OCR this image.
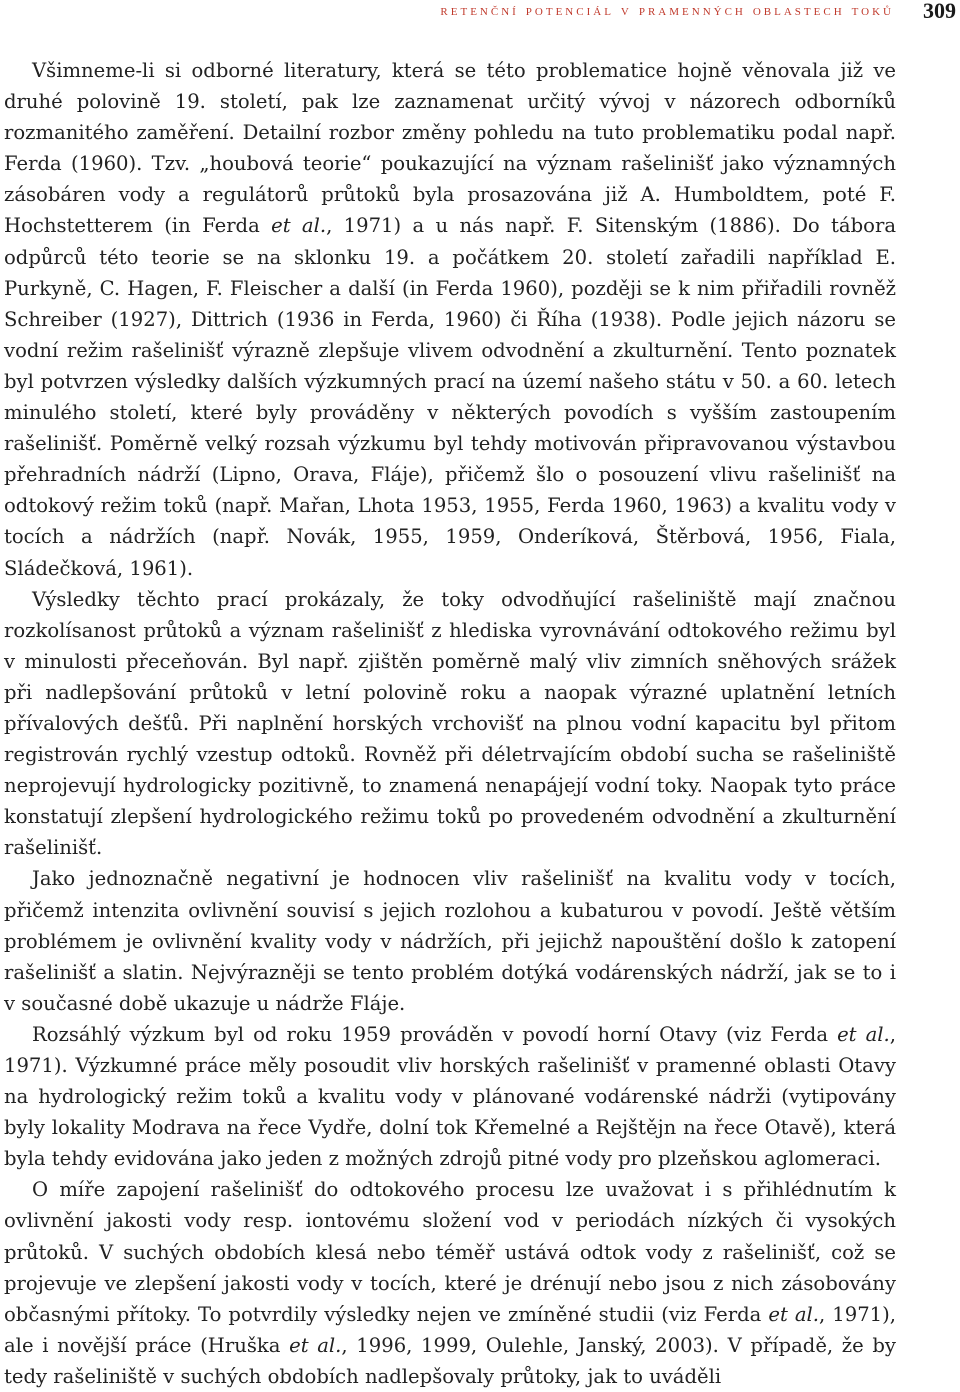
retenční potenciál v pramenných oblastech toků 309

Všimneme-li si odborné literatury, která se této problematice hojně věnovala již ve druhé polovině 19. století, pak lze zaznamenat určitý vývoj v názorech odborníků rozmanitého zaměření. Detailní rozbor změny pohledu na tuto problematiku podal např. Ferda (1960). Tzv. „houbová teorie“ poukazující na význam rašelinišť jako významných zásobáren vody a regulátorů průtoků byla prosazována již A. Humboldtem, poté F. Hochstetterem (in Ferda et al., 1971) a u nás např. F. Sitenským (1886). Do tábora odpůrců této teorie se na sklonku 19. a počátkem 20. století zařadili například E. Purkyně, C. Hagen, F. Fleischer a další (in Ferda 1960), později se k nim přiřadili rovněž Schreiber (1927), Dittrich (1936 in Ferda, 1960) či Říha (1938). Podle jejich názoru se vodní režim rašelinišť výrazně zlepšuje vlivem odvodnění a zkulturnění. Tento poznatek byl potvrzen výsledky dalších výzkumných prací na území našeho státu v 50. a 60. letech minulého století, které byly prováděny v některých povodích s vyšším zastoupením rašelinišť. Poměrně velký rozsah výzkumu byl tehdy motivován připravovanou výstavbou přehradních nádrží (Lipno, Orava, Fláje), přičemž šlo o posouzení vlivu rašelinišť na odtokový režim toků (např. Mařan, Lhota 1953, 1955, Ferda 1960, 1963) a kvalitu vody v tocích a nádržích (např. Novák, 1955, 1959, Onderíková, Štěrbová, 1956, Fiala, Sládečková, 1961).

Výsledky těchto prací prokázaly, že toky odvodňující rašeliniště mají značnou rozkolísanost průtoků a význam rašelinišť z hlediska vyrovnávání odtokového režimu byl v minulosti přeceňován. Byl např. zjištěn poměrně malý vliv zimních sněhových srážek při nadlepšování průtoků v letní polovině roku a naopak výrazné uplatnění letních přívalových dešťů. Při naplnění horských vrchovišť na plnou vodní kapacitu byl přitom registrován rychlý vzestup odtoků. Rovněž při déletrvajícím období sucha se rašeliniště neprojevují hydrologicky pozitivně, to znamená nenapájejí vodní toky. Naopak tyto práce konstatují zlepšení hydrologického režimu toků po provedeném odvodnění a zkulturnění rašelinišť.

Jako jednoznačně negativní je hodnocen vliv rašelinišť na kvalitu vody v tocích, přičemž intenzita ovlivnění souvisí s jejich rozlohou a kubaturou v povodí. Ještě větším problémem je ovlivnění kvality vody v nádržích, při jejichž napouštění došlo k zatopení rašelinišť a slatin. Nejvýrazněji se tento problém dotýká vodárenských nádrží, jak se to i v současné době ukazuje u nádrže Fláje.

Rozsáhlý výzkum byl od roku 1959 prováděn v povodí horní Otavy (viz Ferda et al., 1971). Výzkumné práce měly posoudit vliv horských rašelinišť v pramenné oblasti Otavy na hydrologický režim toků a kvalitu vody v plánované vodárenské nádrži (vytipovány byly lokality Modrava na řece Vydře, dolní tok Křemelné a Rejštějn na řece Otavě), která byla tehdy evidována jako jeden z možných zdrojů pitné vody pro plzeňskou aglomeraci.

O míře zapojení rašelinišť do odtokového procesu lze uvažovat i s přihlédnutím k ovlivnění jakosti vody resp. iontovému složení vod v periodách nízkých či vysokých průtoků. V suchých obdobích klesá nebo téměř ustává odtok vody z rašelinišť, což se projevuje ve zlepšení jakosti vody v tocích, které je drénují nebo jsou z nich zásobovány občasnými přítoky. To potvrdily výsledky nejen ve zmíněné studii (viz Ferda et al., 1971), ale i novější práce (Hruška et al., 1996, 1999, Oulehle, Janský, 2003). V případě, že by tedy rašeliniště v suchých obdobích nadlepšovaly průtoky, jak to uváděli
